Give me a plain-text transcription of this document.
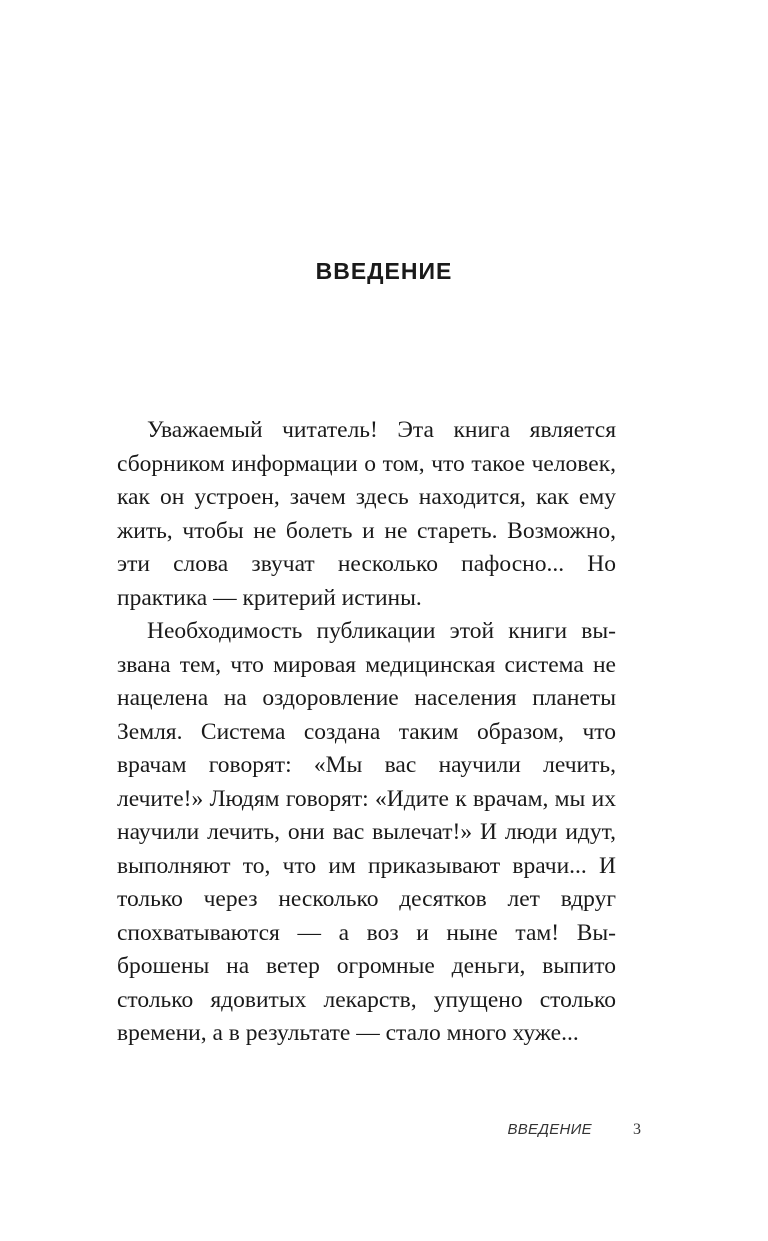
ВВЕДЕНИЕ

Уважаемый читатель! Эта книга является сборником информации о том, что такое человек, как он устроен, зачем здесь находится, как ему жить, чтобы не болеть и не стареть. Возможно, эти слова звучат несколько пафосно... Но практика — критерий истины.

Необходимость публикации этой книги вызвана тем, что мировая медицинская система не нацелена на оздоровление населения планеты Земля. Система создана таким образом, что врачам говорят: «Мы вас научили лечить, лечите!» Людям говорят: «Идите к врачам, мы их научили лечить, они вас вылечат!» И люди идут, выполняют то, что им приказывают врачи... И только через несколько десятков лет вдруг спохватываются — а воз и ныне там! Выброшены на ветер огромные деньги, выпито столько ядовитых лекарств, упущено столько времени, а в результате — стало много хуже...

ВВЕДЕНИЕ	3
